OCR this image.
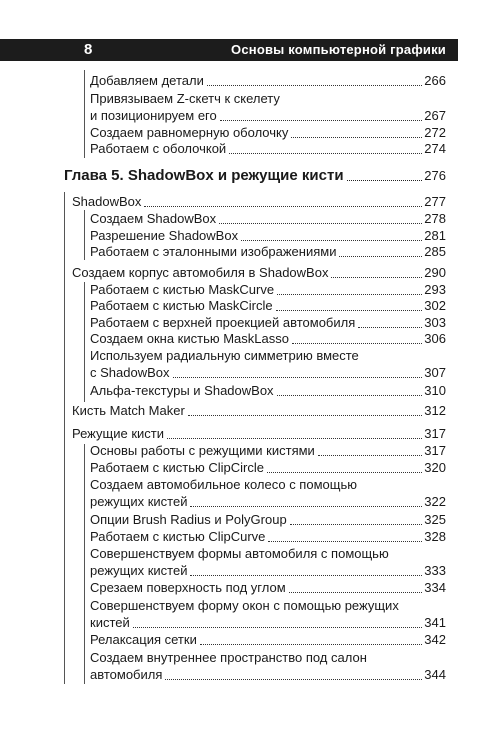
8	Основы компьютерной графики
Добавляем детали	266
Привязываем Z-скетч к скелету
и позиционируем его	267
Создаем равномерную оболочку	272
Работаем с оболочкой	274
Глава 5. ShadowBox и режущие кисти	276
ShadowBox	277
Создаем ShadowBox	278
Разрешение ShadowBox	281
Работаем с эталонными изображениями	285
Создаем корпус автомобиля в ShadowBox	290
Работаем с кистью MaskCurve	293
Работаем с кистью MaskCircle	302
Работаем с верхней проекцией автомобиля	303
Создаем окна кистью MaskLasso	306
Используем радиальную симметрию вместе
с ShadowBox	307
Альфа-текстуры и ShadowBox	310
Кисть Match Maker	312
Режущие кисти	317
Основы работы с режущими кистями	317
Работаем с кистью ClipCircle	320
Создаем автомобильное колесо с помощью
режущих кистей	322
Опции Brush Radius и PolyGroup	325
Работаем с кистью ClipCurve	328
Совершенствуем формы автомобиля с помощью
режущих кистей	333
Срезаем поверхность под углом	334
Совершенствуем форму окон с помощью режущих
кистей	341
Релаксация сетки	342
Создаем внутреннее пространство под салон
автомобиля	344
